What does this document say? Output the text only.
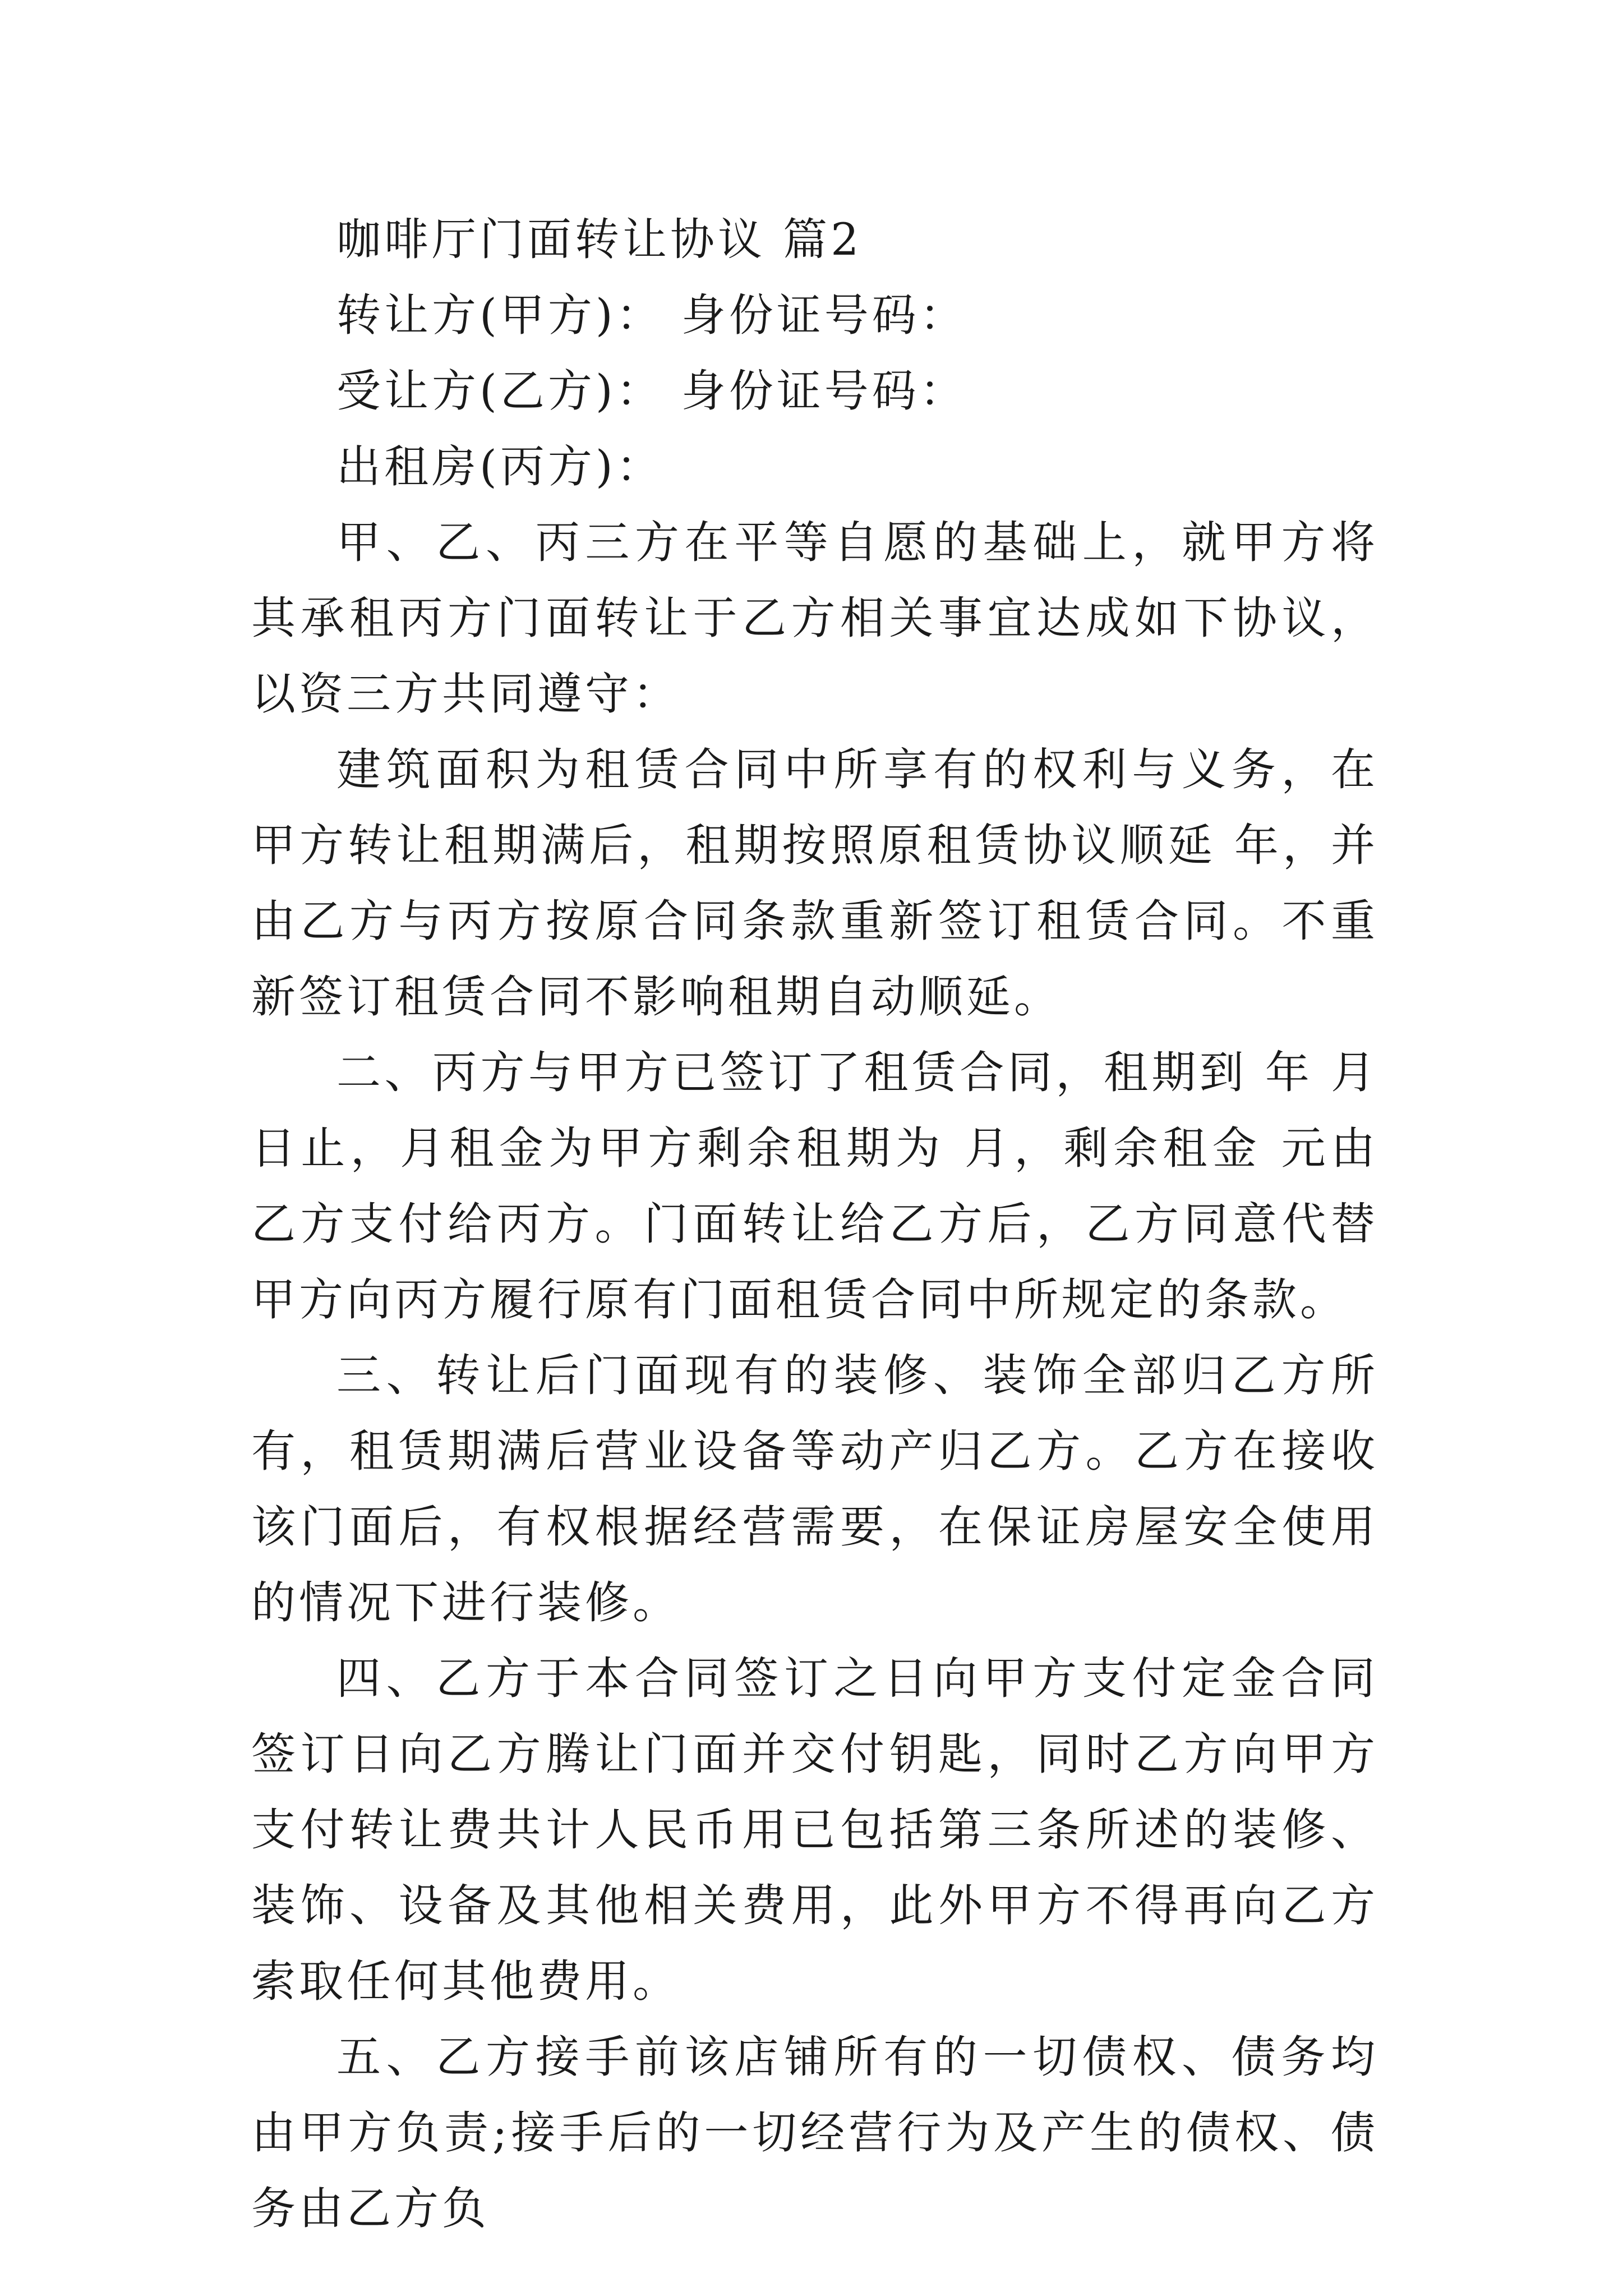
咖啡厅门面转让协议 篇2
转让方(甲方)： 身份证号码：
受让方(乙方)： 身份证号码：
出租房(丙方)：

甲、乙、丙三方在平等自愿的基础上，就甲方将其承租丙方门面转让于乙方相关事宜达成如下协议，以资三方共同遵守：

建筑面积为租赁合同中所享有的权利与义务，在甲方转让租期满后，租期按照原租赁协议顺延 年，并由乙方与丙方按原合同条款重新签订租赁合同。不重新签订租赁合同不影响租期自动顺延。

二、丙方与甲方已签订了租赁合同，租期到 年 月 日止，月租金为甲方剩余租期为 月，剩余租金 元由乙方支付给丙方。门面转让给乙方后，乙方同意代替甲方向丙方履行原有门面租赁合同中所规定的条款。

三、转让后门面现有的装修、装饰全部归乙方所有，租赁期满后营业设备等动产归乙方。乙方在接收该门面后，有权根据经营需要，在保证房屋安全使用的情况下进行装修。

四、乙方于本合同签订之日向甲方支付定金合同签订日向乙方腾让门面并交付钥匙，同时乙方向甲方支付转让费共计人民币用已包括第三条所述的装修、装饰、设备及其他相关费用，此外甲方不得再向乙方索取任何其他费用。

五、乙方接手前该店铺所有的一切债权、债务均由甲方负责;接手后的一切经营行为及产生的债权、债务由乙方负
